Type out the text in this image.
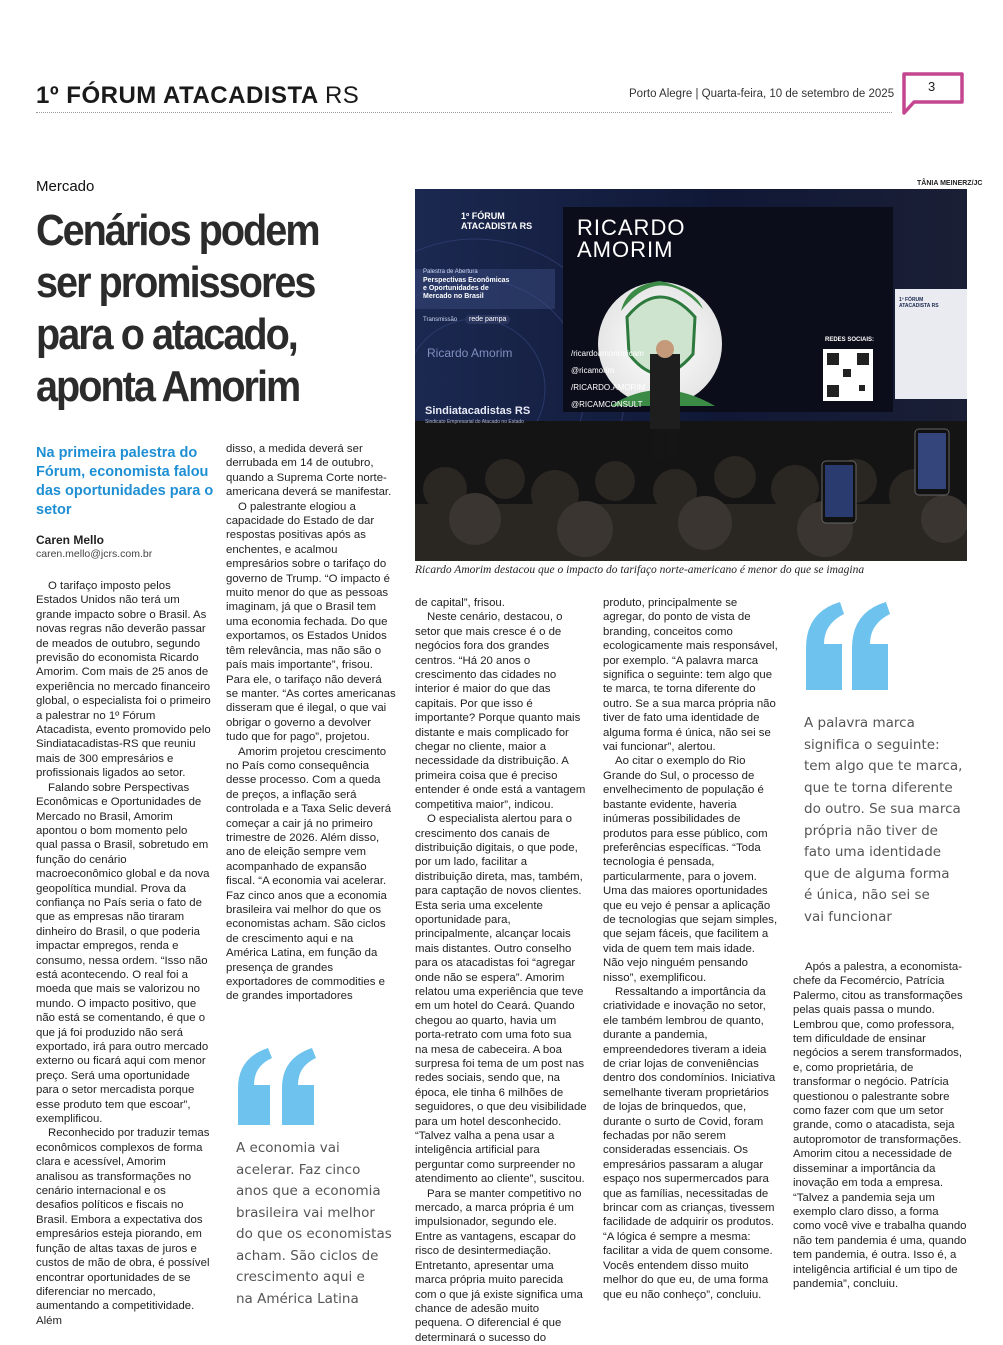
1º FÓRUM ATACADISTA RS	Porto Alegre | Quarta-feira, 10 de setembro de 2025	3
Mercado
Cenários podem
ser promissores
para o atacado,
aponta Amorim
Na primeira palestra do Fórum, economista falou das oportunidades para o setor
Caren Mello
caren.mello@jcrs.com.br
TÂNIA MEINERZ/JC
1º FÓRUM
ATACADISTA RS
Palestra de Abertura
Perspectivas Econômicas
e Oportunidades de
Mercado no Brasil
Transmissão	rede pampa
Ricardo Amorim
Sindiatacadistas RS
Sindicato Empresarial do Atacado no Estado
RICARDO
AMORIM
/ricardoamorimricam
@ricamorim
/RICARDO.AMORIM
@RICAMCONSULT
REDES SOCIAIS:
1º FÓRUM
ATACADISTA RS
Ricardo Amorim destacou que o impacto do tarifaço norte-americano é menor do que se imagina

O tarifaço imposto pelos Estados Unidos não terá um grande impacto sobre o Brasil. As novas regras não deverão passar de meados de outubro, segundo previsão do economista Ricardo Amorim. Com mais de 25 anos de experiência no mercado financeiro global, o especialista foi o primeiro a palestrar no 1º Fórum Atacadista, evento promovido pelo Sindiatacadistas-RS que reuniu mais de 300 empresários e profissionais ligados ao setor.

Falando sobre Perspectivas Econômicas e Oportunidades de Mercado no Brasil, Amorim apontou o bom momento pelo qual passa o Brasil, sobretudo em função do cenário macroeconômico global e da nova geopolítica mundial. Prova da confiança no País seria o fato de que as empresas não tiraram dinheiro do Brasil, o que poderia impactar empregos, renda e consumo, nessa ordem. “Isso não está acontecendo. O real foi a moeda que mais se valorizou no mundo. O impacto positivo, que não está se comentando, é que o que já foi produzido não será exportado, irá para outro mercado externo ou ficará aqui com menor preço. Será uma oportunidade para o setor mercadista porque esse produto tem que escoar”, exemplificou.

Reconhecido por traduzir temas econômicos complexos de forma clara e acessível, Amorim analisou as transformações no cenário internacional e os desafios políticos e fiscais no Brasil. Embora a expectativa dos empresários esteja piorando, em função de altas taxas de juros e custos de mão de obra, é possível encontrar oportunidades de se diferenciar no mercado, aumentando a competitividade. Além

disso, a medida deverá ser derrubada em 14 de outubro, quando a Suprema Corte norte-americana deverá se manifestar.

O palestrante elogiou a capacidade do Estado de dar respostas positivas após as enchentes, e acalmou empresários sobre o tarifaço do governo de Trump. “O impacto é muito menor do que as pessoas imaginam, já que o Brasil tem uma economia fechada. Do que exportamos, os Estados Unidos têm relevância, mas não são o país mais importante”, frisou. Para ele, o tarifaço não deverá se manter. “As cortes americanas disseram que é ilegal, o que vai obrigar o governo a devolver tudo que for pago”, projetou.

Amorim projetou crescimento no País como consequência desse processo. Com a queda de preços, a inflação será controlada e a Taxa Selic deverá começar a cair já no primeiro trimestre de 2026. Além disso, ano de eleição sempre vem acompanhado de expansão fiscal. “A economia vai acelerar. Faz cinco anos que a economia brasileira vai melhor do que os economistas acham. São ciclos de crescimento aqui e na América Latina, em função da presença de grandes exportadores de commodities e de grandes importadores

A economia vai
acelerar. Faz cinco
anos que a economia
brasileira vai melhor
do que os economistas
acham. São ciclos de
crescimento aqui e
na América Latina

de capital”, frisou.

Neste cenário, destacou, o setor que mais cresce é o de negócios fora dos grandes centros. “Há 20 anos o crescimento das cidades no interior é maior do que das capitais. Por que isso é importante? Porque quanto mais distante e mais complicado for chegar no cliente, maior a necessidade da distribuição. A primeira coisa que é preciso entender é onde está a vantagem competitiva maior”, indicou.

O especialista alertou para o crescimento dos canais de distribuição digitais, o que pode, por um lado, facilitar a distribuição direta, mas, também, para captação de novos clientes. Esta seria uma excelente oportunidade para, principalmente, alcançar locais mais distantes. Outro conselho para os atacadistas foi “agregar onde não se espera”. Amorim relatou uma experiência que teve em um hotel do Ceará. Quando chegou ao quarto, havia um porta-retrato com uma foto sua na mesa de cabeceira. A boa surpresa foi tema de um post nas redes sociais, sendo que, na época, ele tinha 6 milhões de seguidores, o que deu visibilidade para um hotel desconhecido. “Talvez valha a pena usar a inteligência artificial para perguntar como surpreender no atendimento ao cliente”, suscitou.

Para se manter competitivo no mercado, a marca própria é um impulsionador, segundo ele. Entre as vantagens, escapar do risco de desintermediação. Entretanto, apresentar uma marca própria muito parecida com o que já existe significa uma chance de adesão muito pequena. O diferencial é que determinará o sucesso do

produto, principalmente se agregar, do ponto de vista de branding, conceitos como ecologicamente mais responsável, por exemplo. “A palavra marca significa o seguinte: tem algo que te marca, te torna diferente do outro. Se a sua marca própria não tiver de fato uma identidade de alguma forma é única, não sei se vai funcionar”, alertou.

Ao citar o exemplo do Rio Grande do Sul, o processo de envelhecimento de população é bastante evidente, haveria inúmeras possibilidades de produtos para esse público, com preferências específicas. “Toda tecnologia é pensada, particularmente, para o jovem. Uma das maiores oportunidades que eu vejo é pensar a aplicação de tecnologias que sejam simples, que sejam fáceis, que facilitem a vida de quem tem mais idade. Não vejo ninguém pensando nisso”, exemplificou.

Ressaltando a importância da criatividade e inovação no setor, ele também lembrou de quanto, durante a pandemia, empreendedores tiveram a ideia de criar lojas de conveniências dentro dos condomínios. Iniciativa semelhante tiveram proprietários de lojas de brinquedos, que, durante o surto de Covid, foram fechadas por não serem consideradas essenciais. Os empresários passaram a alugar espaço nos supermercados para que as famílias, necessitadas de brincar com as crianças, tivessem facilidade de adquirir os produtos. “A lógica é sempre a mesma: facilitar a vida de quem consome. Vocês entendem disso muito melhor do que eu, de uma forma que eu não conheço”, concluiu.

A palavra marca
significa o seguinte:
tem algo que te marca,
que te torna diferente
do outro. Se sua marca
própria não tiver de
fato uma identidade
que de alguma forma
é única, não sei se
vai funcionar

Após a palestra, a economista-chefe da Fecomércio, Patrícia Palermo, citou as transformações pelas quais passa o mundo. Lembrou que, como professora, tem dificuldade de ensinar negócios a serem transformados, e, como proprietária, de transformar o negócio. Patrícia questionou o palestrante sobre como fazer com que um setor grande, como o atacadista, seja autopromotor de transformações. Amorim citou a necessidade de disseminar a importância da inovação em toda a empresa. “Talvez a pandemia seja um exemplo claro disso, a forma como você vive e trabalha quando não tem pandemia é uma, quando tem pandemia, é outra. Isso é, a inteligência artificial é um tipo de pandemia”, concluiu.
